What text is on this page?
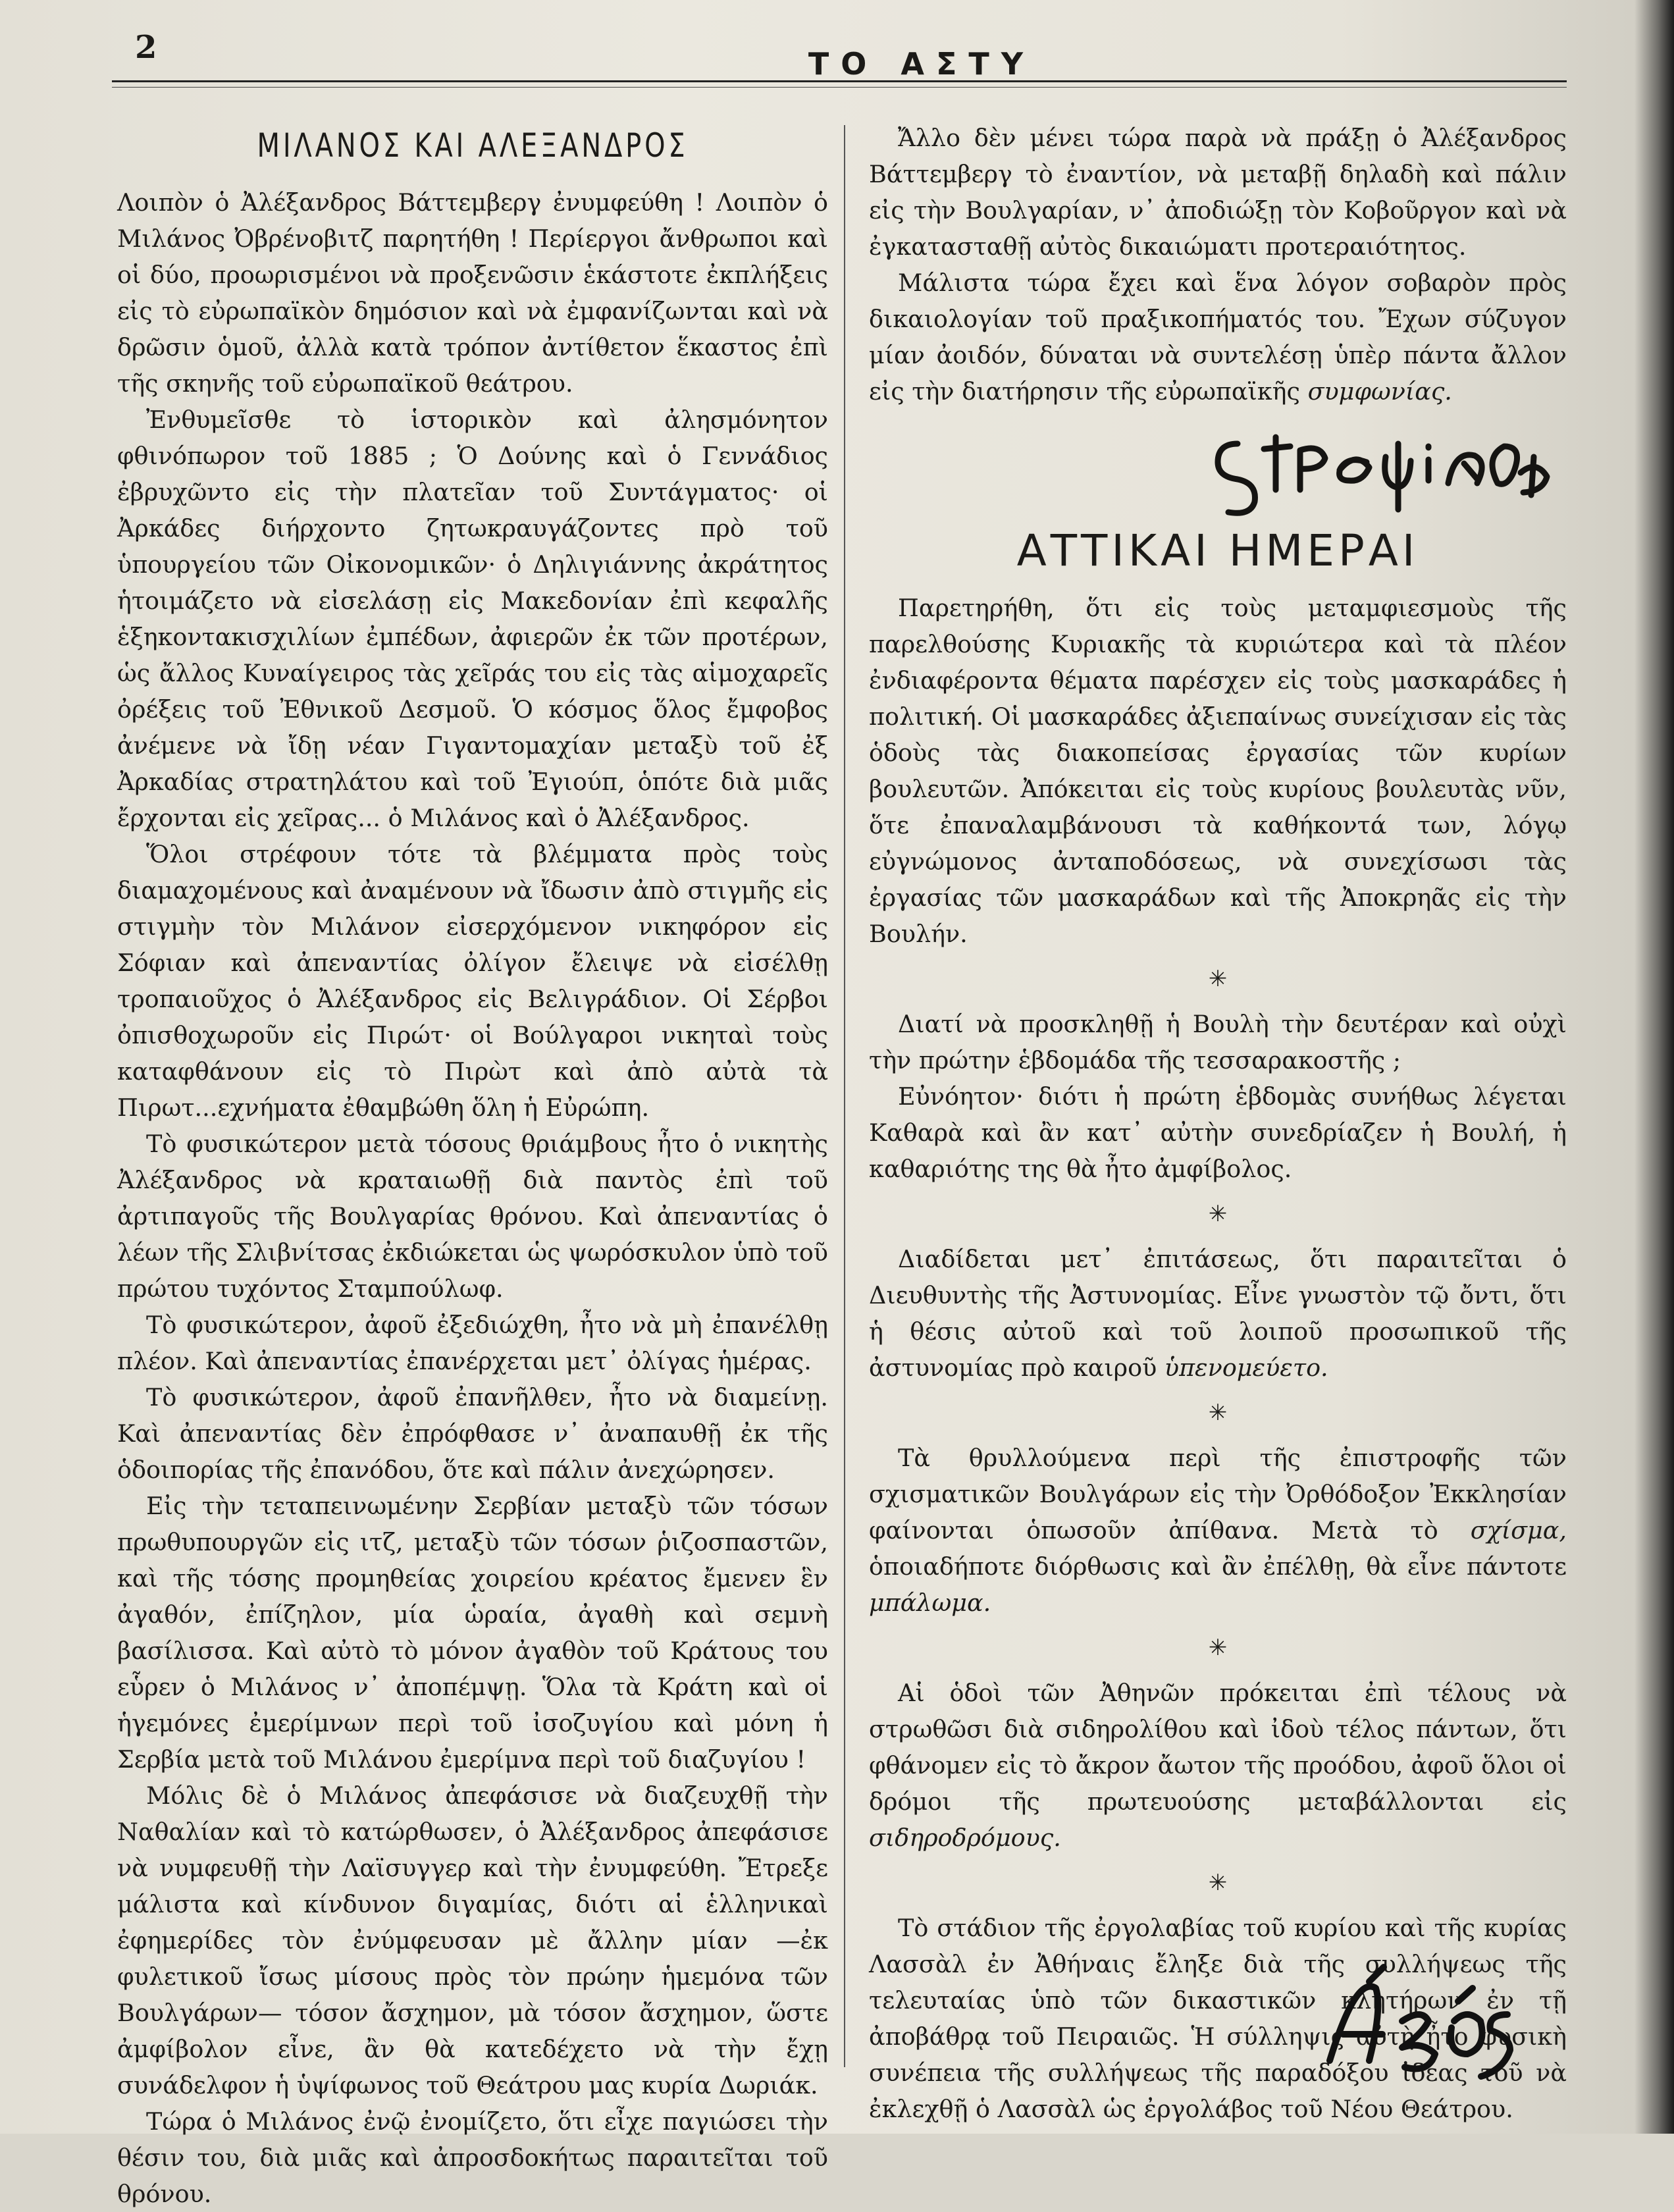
2	ΤΟ ΑΣΤΥ
ΜΙΛΑΝΟΣ ΚΑΙ ΑΛΕΞΑΝΔΡΟΣ

Λοιπὸν ὁ Ἀλέξανδρος Βάττεμβεργ ἐνυμφεύθη ! Λοιπὸν ὁ Μιλάνος Ὀβρένοβιτζ παρητήθη ! Περίεργοι ἄνθρωποι καὶ οἱ δύο, προωρισμένοι νὰ προξενῶσιν ἑκάστοτε ἐκπλήξεις εἰς τὸ εὐρωπαϊκὸν δημόσιον καὶ νὰ ἐμφανίζωνται καὶ νὰ δρῶσιν ὁμοῦ, ἀλλὰ κατὰ τρόπον ἀντίθετον ἕκαστος ἐπὶ τῆς σκηνῆς τοῦ εὐρωπαϊκοῦ θεάτρου.

Ἐνθυμεῖσθε τὸ ἱστορικὸν καὶ ἀλησμόνητον φθινόπωρον τοῦ 1885 ; Ὁ Δούνης καὶ ὁ Γεννάδιος ἐβρυχῶντο εἰς τὴν πλατεῖαν τοῦ Συντάγματος· οἱ Ἀρκάδες διήρχοντο ζητωκραυγάζοντες πρὸ τοῦ ὑπουργείου τῶν Οἰκονομικῶν· ὁ Δηλιγιάννης ἀκράτητος ἡτοιμάζετο νὰ εἰσελάσῃ εἰς Μακεδονίαν ἐπὶ κεφαλῆς ἑξηκοντακισχιλίων ἐμπέδων, ἀφιερῶν ἐκ τῶν προτέρων, ὡς ἄλλος Κυναίγειρος τὰς χεῖράς του εἰς τὰς αἱμοχαρεῖς ὀρέξεις τοῦ Ἐθνικοῦ Δεσμοῦ. Ὁ κόσμος ὅλος ἔμφοβος ἀνέμενε νὰ ἴδῃ νέαν Γιγαντομαχίαν μεταξὺ τοῦ ἐξ Ἀρκαδίας στρατηλάτου καὶ τοῦ Ἐγιούπ, ὁπότε διὰ μιᾶς ἔρχονται εἰς χεῖρας... ὁ Μιλάνος καὶ ὁ Ἀλέξανδρος.

Ὅλοι στρέφουν τότε τὰ βλέμματα πρὸς τοὺς διαμαχομένους καὶ ἀναμένουν νὰ ἴδωσιν ἀπὸ στιγμῆς εἰς στιγμὴν τὸν Μιλάνον εἰσερχόμενον νικηφόρον εἰς Σόφιαν καὶ ἀπεναντίας ὀλίγον ἔλειψε νὰ εἰσέλθῃ τροπαιοῦχος ὁ Ἀλέξανδρος εἰς Βελιγράδιον. Οἱ Σέρβοι ὀπισθοχωροῦν εἰς Πιρώτ· οἱ Βούλγαροι νικηταὶ τοὺς καταφθάνουν εἰς τὸ Πιρὼτ καὶ ἀπὸ αὐτὰ τὰ Πιρωτ...εχνήματα ἐθαμβώθη ὅλη ἡ Εὐρώπη.

Τὸ φυσικώτερον μετὰ τόσους θριάμβους ἦτο ὁ νικητὴς Ἀλέξανδρος νὰ κραταιωθῇ διὰ παντὸς ἐπὶ τοῦ ἀρτιπαγοῦς τῆς Βουλγαρίας θρόνου. Καὶ ἀπεναντίας ὁ λέων τῆς Σλιβνίτσας ἐκδιώκεται ὡς ψωρόσκυλον ὑπὸ τοῦ πρώτου τυχόντος Σταμπούλωφ.

Τὸ φυσικώτερον, ἀφοῦ ἐξεδιώχθη, ἦτο νὰ μὴ ἐπανέλθῃ πλέον. Καὶ ἀπεναντίας ἐπανέρχεται μετ᾽ ὀλίγας ἡμέρας.

Τὸ φυσικώτερον, ἀφοῦ ἐπανῆλθεν, ἦτο νὰ διαμείνῃ. Καὶ ἀπεναντίας δὲν ἐπρόφθασε ν᾽ ἀναπαυθῇ ἐκ τῆς ὁδοιπορίας τῆς ἐπανόδου, ὅτε καὶ πάλιν ἀνεχώρησεν.

Εἰς τὴν τεταπεινωμένην Σερβίαν μεταξὺ τῶν τόσων πρωθυπουργῶν εἰς ιτζ, μεταξὺ τῶν τόσων ῥιζοσπαστῶν, καὶ τῆς τόσης προμηθείας χοιρείου κρέατος ἔμενεν ἓν ἀγαθόν, ἐπίζηλον, μία ὡραία, ἀγαθὴ καὶ σεμνὴ βασίλισσα. Καὶ αὐτὸ τὸ μόνον ἀγαθὸν τοῦ Κράτους του εὗρεν ὁ Μιλάνος ν᾽ ἀποπέμψῃ. Ὅλα τὰ Κράτη καὶ οἱ ἡγεμόνες ἐμερίμνων περὶ τοῦ ἰσοζυγίου καὶ μόνη ἡ Σερβία μετὰ τοῦ Μιλάνου ἐμερίμνα περὶ τοῦ διαζυγίου !

Μόλις δὲ ὁ Μιλάνος ἀπεφάσισε νὰ διαζευχθῇ τὴν Ναθαλίαν καὶ τὸ κατώρθωσεν, ὁ Ἀλέξανδρος ἀπεφάσισε νὰ νυμφευθῇ τὴν Λαϊσυγγερ καὶ τὴν ἐνυμφεύθη. Ἔτρεξε μάλιστα καὶ κίνδυνον διγαμίας, διότι αἱ ἑλληνικαὶ ἐφημερίδες τὸν ἐνύμφευσαν μὲ ἄλλην μίαν —ἐκ φυλετικοῦ ἴσως μίσους πρὸς τὸν πρώην ἡμεμόνα τῶν Βουλγάρων— τόσον ἄσχημον, μὰ τόσον ἄσχημον, ὥστε ἀμφίβολον εἶνε, ἂν θὰ κατεδέχετο νὰ τὴν ἔχῃ συνάδελφον ἡ ὑψίφωνος τοῦ Θεάτρου μας κυρία Δωριάκ.

Τώρα ὁ Μιλάνος ἐνῷ ἐνομίζετο, ὅτι εἶχε παγιώσει τὴν θέσιν του, διὰ μιᾶς καὶ ἀπροσδοκήτως παραιτεῖται τοῦ θρόνου.

Ἄλλο δὲν μένει τώρα παρὰ νὰ πράξῃ ὁ Ἀλέξανδρος Βάττεμβεργ τὸ ἐναντίον, νὰ μεταβῇ δηλαδὴ καὶ πάλιν εἰς τὴν Βουλγαρίαν, ν᾽ ἀποδιώξῃ τὸν Κοβοῦργον καὶ νὰ ἐγκατασταθῇ αὐτὸς δικαιώματι προτεραιότητος.

Μάλιστα τώρα ἔχει καὶ ἕνα λόγον σοβαρὸν πρὸς δικαιολογίαν τοῦ πραξικοπήματός του. Ἔχων σύζυγον μίαν ἀοιδόν, δύναται νὰ συντελέσῃ ὑπὲρ πάντα ἄλλον εἰς τὴν διατήρησιν τῆς εὐρωπαϊκῆς συμφωνίας.

ΑΤΤΙΚΑΙ ΗΜΕΡΑΙ

Παρετηρήθη, ὅτι εἰς τοὺς μεταμφιεσμοὺς τῆς παρελθούσης Κυριακῆς τὰ κυριώτερα καὶ τὰ πλέον ἐνδιαφέροντα θέματα παρέσχεν εἰς τοὺς μασκαράδες ἡ πολιτική. Οἱ μασκαράδες ἀξιεπαίνως συνείχισαν εἰς τὰς ὁδοὺς τὰς διακοπείσας ἐργασίας τῶν κυρίων βουλευτῶν. Ἀπόκειται εἰς τοὺς κυρίους βουλευτὰς νῦν, ὅτε ἐπαναλαμβάνουσι τὰ καθήκοντά των, λόγῳ εὐγνώμονος ἀνταποδόσεως, νὰ συνεχίσωσι τὰς ἐργασίας τῶν μασκαράδων καὶ τῆς Ἀποκρηᾶς εἰς τὴν Βουλήν.

✳

Διατί νὰ προσκληθῇ ἡ Βουλὴ τὴν δευτέραν καὶ οὐχὶ τὴν πρώτην ἑβδομάδα τῆς τεσσαρακοστῆς ;

Εὐνόητον· διότι ἡ πρώτη ἑβδομὰς συνήθως λέγεται Καθαρὰ καὶ ἂν κατ᾽ αὐτὴν συνεδρίαζεν ἡ Βουλή, ἡ καθαριότης της θὰ ἦτο ἀμφίβολος.

✳

Διαδίδεται μετ᾽ ἐπιτάσεως, ὅτι παραιτεῖται ὁ Διευθυντὴς τῆς Ἀστυνομίας. Εἶνε γνωστὸν τῷ ὄντι, ὅτι ἡ θέσις αὐτοῦ καὶ τοῦ λοιποῦ προσωπικοῦ τῆς ἀστυνομίας πρὸ καιροῦ ὑπενομεύετο.

✳

Τὰ θρυλλούμενα περὶ τῆς ἐπιστροφῆς τῶν σχισματικῶν Βουλγάρων εἰς τὴν Ὀρθόδοξον Ἐκκλησίαν φαίνονται ὁπωσοῦν ἀπίθανα. Μετὰ τὸ σχίσμα, ὁποιαδήποτε διόρθωσις καὶ ἂν ἐπέλθῃ, θὰ εἶνε πάντοτε μπάλωμα.

✳

Αἱ ὁδοὶ τῶν Ἀθηνῶν πρόκειται ἐπὶ τέλους νὰ στρωθῶσι διὰ σιδηρολίθου καὶ ἰδοὺ τέλος πάντων, ὅτι φθάνομεν εἰς τὸ ἄκρον ἄωτον τῆς προόδου, ἀφοῦ ὅλοι οἱ δρόμοι τῆς πρωτευούσης μεταβάλλονται εἰς σιδηροδρόμους.

✳

Τὸ στάδιον τῆς ἐργολαβίας τοῦ κυρίου καὶ τῆς κυρίας Λασσὰλ ἐν Ἀθήναις ἔληξε διὰ τῆς συλλήψεως τῆς τελευταίας ὑπὸ τῶν δικαστικῶν κλητήρων ἐν τῇ ἀποβάθρᾳ τοῦ Πειραιῶς. Ἡ σύλληψις αὐτὴ ἦτο φυσικὴ συνέπεια τῆς συλλήψεως τῆς παραδόξου ἰδέας τοῦ νὰ ἐκλεχθῇ ὁ Λασσὰλ ὡς ἐργολάβος τοῦ Νέου Θεάτρου.
